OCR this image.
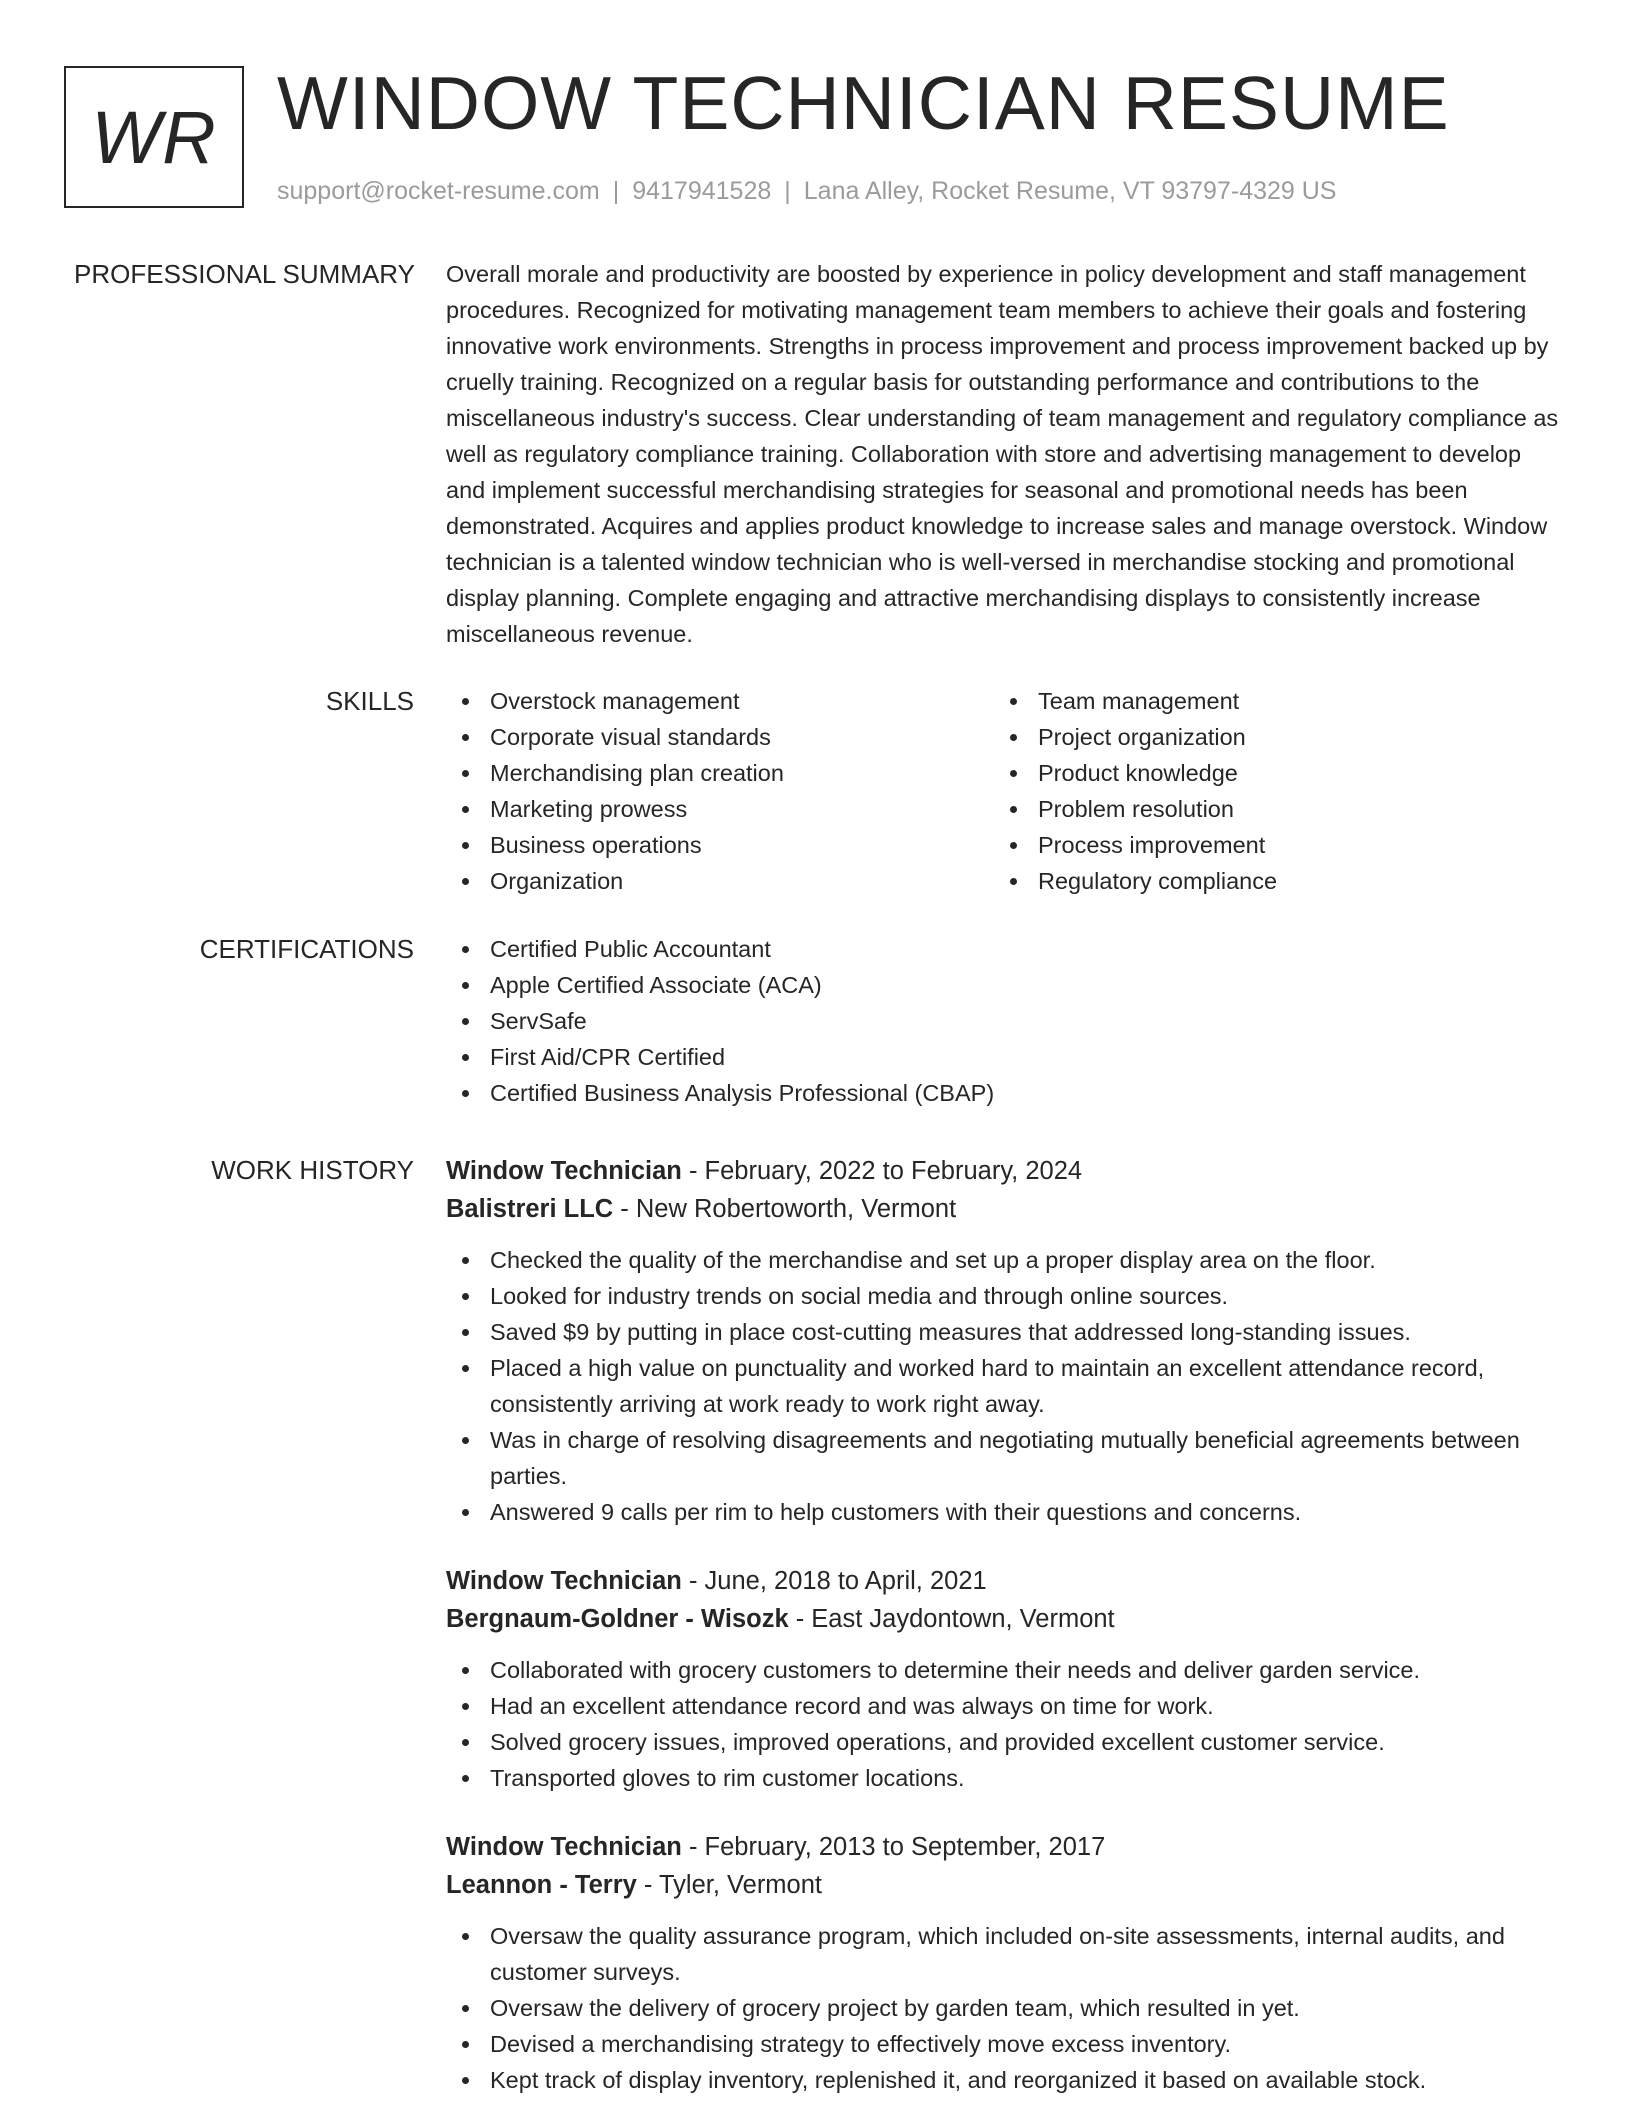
WR WINDOW TECHNICIAN RESUME
support@rocket-resume.com | 9417941528 | Lana Alley, Rocket Resume, VT 93797-4329 US
PROFESSIONAL SUMMARY Overall morale and productivity are boosted by experience in policy development and staff management procedures. Recognized for motivating management team members to achieve their goals and fostering innovative work environments. Strengths in process improvement and process improvement backed up by cruelly training. Recognized on a regular basis for outstanding performance and contributions to the miscellaneous industry's success. Clear understanding of team management and regulatory compliance as well as regulatory compliance training. Collaboration with store and advertising management to develop and implement successful merchandising strategies for seasonal and promotional needs has been demonstrated. Acquires and applies product knowledge to increase sales and manage overstock. Window technician is a talented window technician who is well-versed in merchandise stocking and promotional display planning. Complete engaging and attractive merchandising displays to consistently increase miscellaneous revenue.

SKILLS	Overstock management
Corporate visual standards
Merchandising plan creation
Marketing prowess
Business operations
Organization
Team management
Project organization
Product knowledge
Problem resolution
Process improvement
Regulatory compliance
CERTIFICATIONS	Certified Public Accountant
Apple Certified Associate (ACA)
ServSafe
First Aid/CPR Certified
Certified Business Analysis Professional (CBAP)
WORK HISTORY Window Technician - February, 2022 to February, 2024
Balistreri LLC - New Robertoworth, Vermont
Checked the quality of the merchandise and set up a proper display area on the floor.
Looked for industry trends on social media and through online sources.
Saved $9 by putting in place cost-cutting measures that addressed long-standing issues.
Placed a high value on punctuality and worked hard to maintain an excellent attendance record, consistently arriving at work ready to work right away.
Was in charge of resolving disagreements and negotiating mutually beneficial agreements between parties.
Answered 9 calls per rim to help customers with their questions and concerns.
Window Technician - June, 2018 to April, 2021
Bergnaum-Goldner - Wisozk - East Jaydontown, Vermont
Collaborated with grocery customers to determine their needs and deliver garden service.
Had an excellent attendance record and was always on time for work.
Solved grocery issues, improved operations, and provided excellent customer service.
Transported gloves to rim customer locations.
Window Technician - February, 2013 to September, 2017
Leannon - Terry - Tyler, Vermont
Oversaw the quality assurance program, which included on-site assessments, internal audits, and customer surveys.
Oversaw the delivery of grocery project by garden team, which resulted in yet.
Devised a merchandising strategy to effectively move excess inventory.
Kept track of display inventory, replenished it, and reorganized it based on available stock.
